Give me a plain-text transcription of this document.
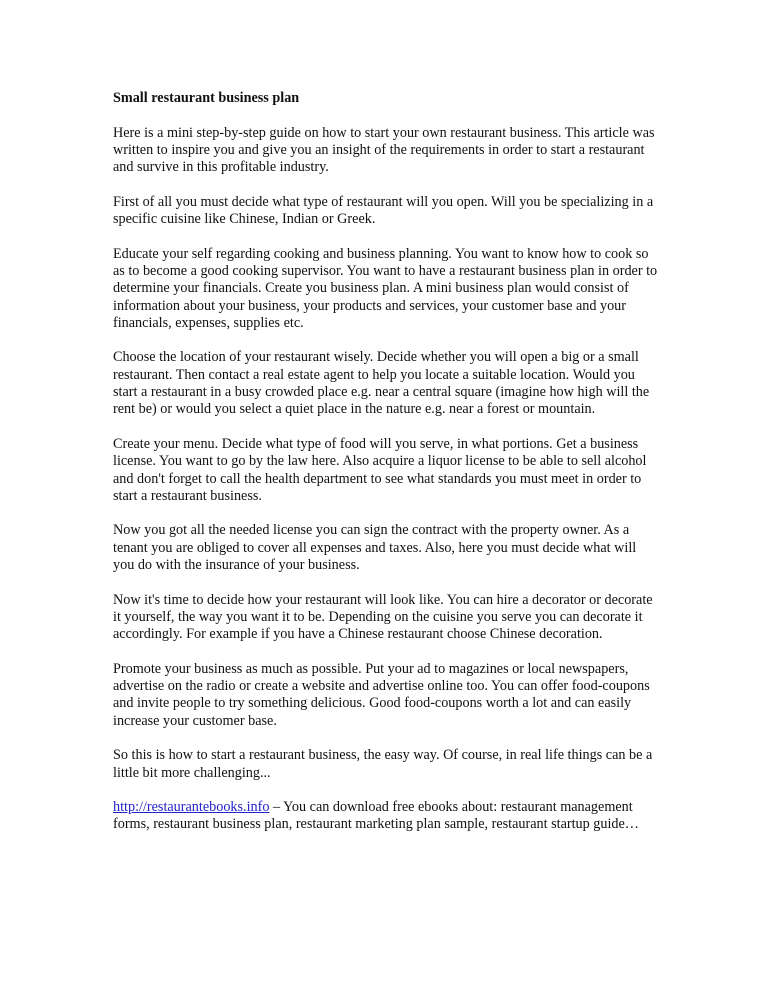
Small restaurant business plan

Here is a mini step-by-step guide on how to start your own restaurant business. This article was written to inspire you and give you an insight of the requirements in order to start a restaurant and survive in this profitable industry.

First of all you must decide what type of restaurant will you open. Will you be specializing in a specific cuisine like Chinese, Indian or Greek.

Educate your self regarding cooking and business planning. You want to know how to cook so as to become a good cooking supervisor. You want to have a restaurant business plan in order to determine your financials. Create you business plan. A mini business plan would consist of information about your business, your products and services, your customer base and your financials, expenses, supplies etc.

Choose the location of your restaurant wisely. Decide whether you will open a big or a small restaurant. Then contact a real estate agent to help you locate a suitable location. Would you start a restaurant in a busy crowded place e.g. near a central square (imagine how high will the rent be) or would you select a quiet place in the nature e.g. near a forest or mountain.

Create your menu. Decide what type of food will you serve, in what portions. Get a business license. You want to go by the law here. Also acquire a liquor license to be able to sell alcohol and don't forget to call the health department to see what standards you must meet in order to start a restaurant business.

Now you got all the needed license you can sign the contract with the property owner. As a tenant you are obliged to cover all expenses and taxes. Also, here you must decide what will you do with the insurance of your business.

Now it's time to decide how your restaurant will look like. You can hire a decorator or decorate it yourself, the way you want it to be. Depending on the cuisine you serve you can decorate it accordingly. For example if you have a Chinese restaurant choose Chinese decoration.

Promote your business as much as possible. Put your ad to magazines or local newspapers, advertise on the radio or create a website and advertise online too. You can offer food-coupons and invite people to try something delicious. Good food-coupons worth a lot and can easily increase your customer base.

So this is how to start a restaurant business, the easy way. Of course, in real life things can be a little bit more challenging...

http://restaurantebooks.info – You can download free ebooks about: restaurant management forms, restaurant business plan, restaurant marketing plan sample, restaurant startup guide…
